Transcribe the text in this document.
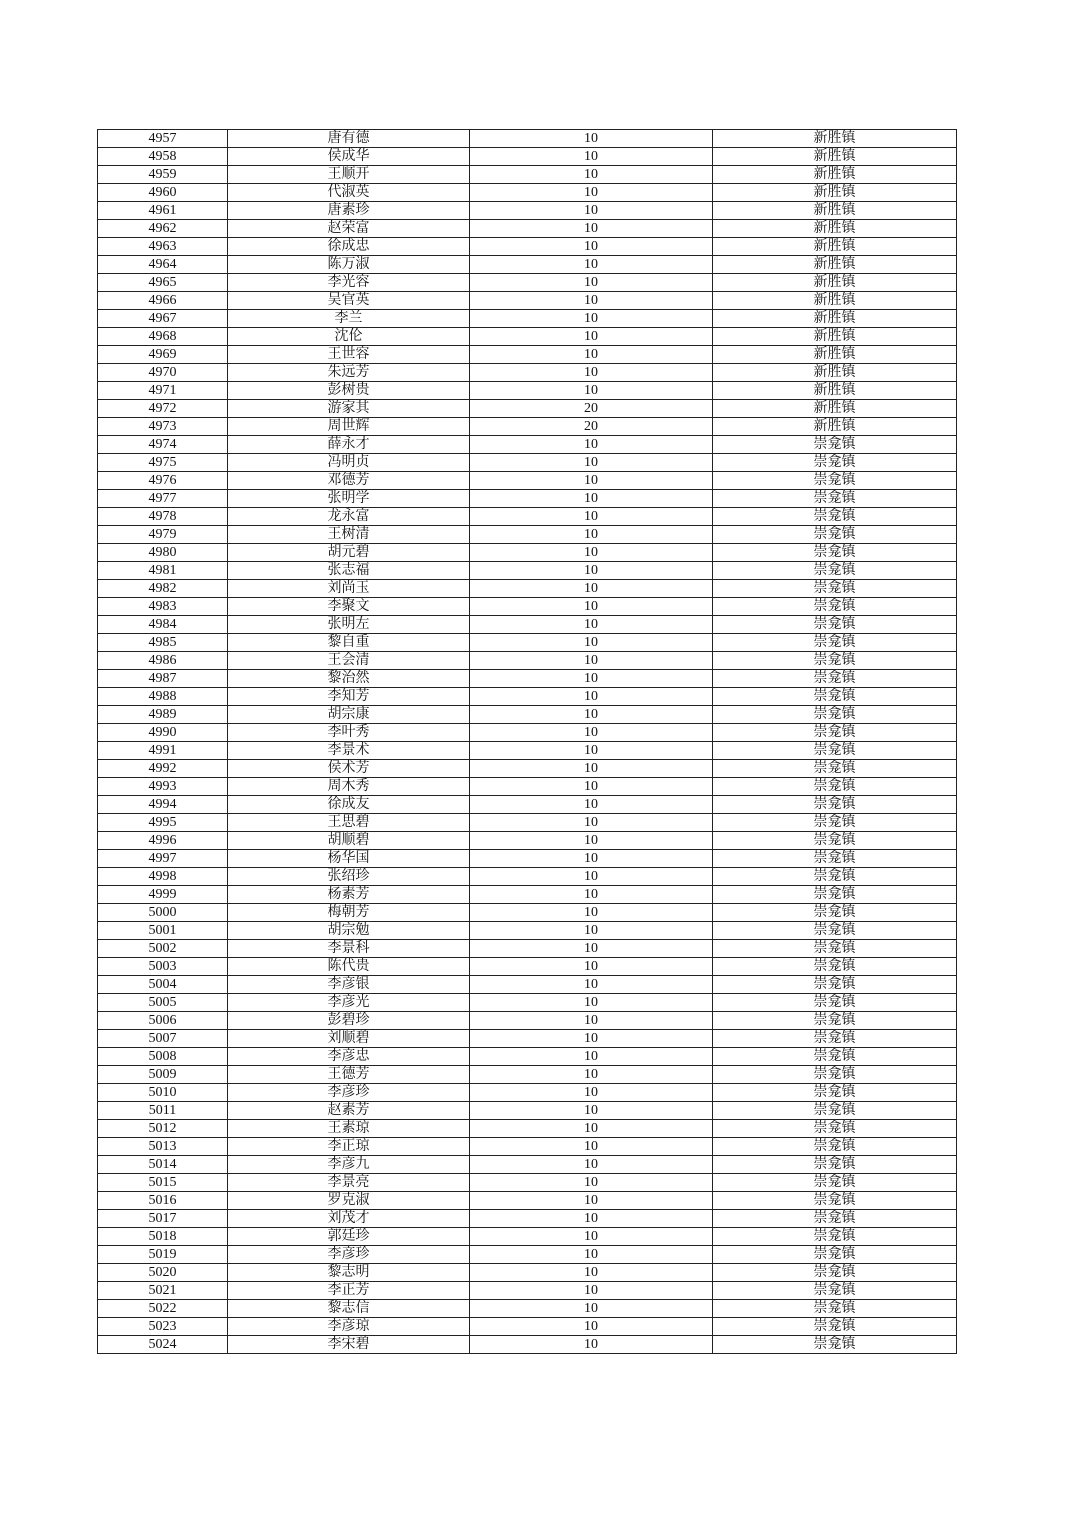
4957	唐有德	10	新胜镇
4958	侯成华	10	新胜镇
4959	王顺开	10	新胜镇
4960	代淑英	10	新胜镇
4961	唐素珍	10	新胜镇
4962	赵荣富	10	新胜镇
4963	徐成忠	10	新胜镇
4964	陈万淑	10	新胜镇
4965	李光容	10	新胜镇
4966	吴官英	10	新胜镇
4967	李兰	10	新胜镇
4968	沈伦	10	新胜镇
4969	王世容	10	新胜镇
4970	朱远芳	10	新胜镇
4971	彭树贵	10	新胜镇
4972	游家其	20	新胜镇
4973	周世辉	20	新胜镇
4974	薛永才	10	崇龛镇
4975	冯明贞	10	崇龛镇
4976	邓德芳	10	崇龛镇
4977	张明学	10	崇龛镇
4978	龙永富	10	崇龛镇
4979	王树清	10	崇龛镇
4980	胡元碧	10	崇龛镇
4981	张志福	10	崇龛镇
4982	刘尚玉	10	崇龛镇
4983	李聚文	10	崇龛镇
4984	张明左	10	崇龛镇
4985	黎自重	10	崇龛镇
4986	王会清	10	崇龛镇
4987	黎治然	10	崇龛镇
4988	李知芳	10	崇龛镇
4989	胡宗康	10	崇龛镇
4990	李叶秀	10	崇龛镇
4991	李景术	10	崇龛镇
4992	侯术芳	10	崇龛镇
4993	周木秀	10	崇龛镇
4994	徐成友	10	崇龛镇
4995	王思碧	10	崇龛镇
4996	胡顺碧	10	崇龛镇
4997	杨华国	10	崇龛镇
4998	张绍珍	10	崇龛镇
4999	杨素芳	10	崇龛镇
5000	梅朝芳	10	崇龛镇
5001	胡宗勉	10	崇龛镇
5002	李景科	10	崇龛镇
5003	陈代贵	10	崇龛镇
5004	李彦银	10	崇龛镇
5005	李彦光	10	崇龛镇
5006	彭碧珍	10	崇龛镇
5007	刘顺碧	10	崇龛镇
5008	李彦忠	10	崇龛镇
5009	王德芳	10	崇龛镇
5010	李彦珍	10	崇龛镇
5011	赵素芳	10	崇龛镇
5012	王素琼	10	崇龛镇
5013	李正琼	10	崇龛镇
5014	李彦九	10	崇龛镇
5015	李景亮	10	崇龛镇
5016	罗克淑	10	崇龛镇
5017	刘茂才	10	崇龛镇
5018	郭廷珍	10	崇龛镇
5019	李彦珍	10	崇龛镇
5020	黎志明	10	崇龛镇
5021	李正芳	10	崇龛镇
5022	黎志信	10	崇龛镇
5023	李彦琼	10	崇龛镇
5024	李宋碧	10	崇龛镇
